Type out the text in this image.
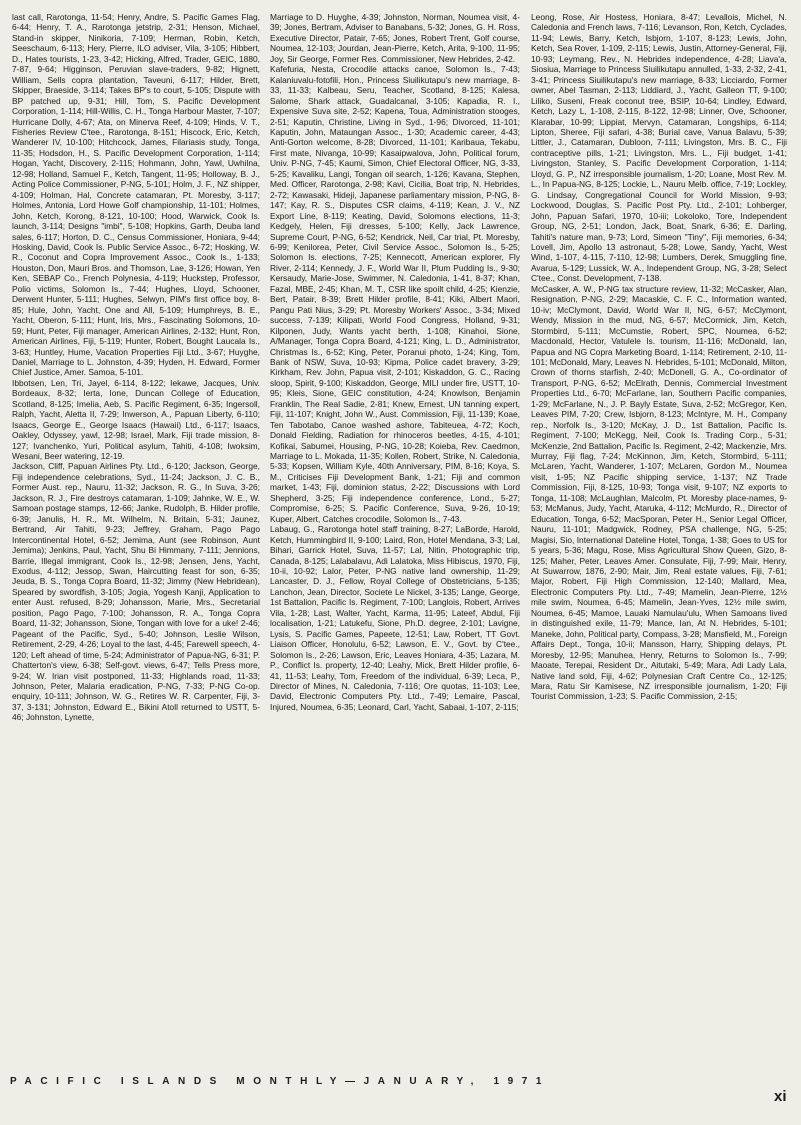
last call, Rarotonga, 11-54; Henry, Andre, S. Pacific Games Flag, 6-44; Henry, T. A., Rarotonga jetstrip, 2-31; Henson, Michael, Stand-in skipper, Ninikoria, 7-109; Herman, Robin, Ketch, Seeschaum, 6-113; Hery, Pierre, ILO adviser, Vila, 3-105; Hibbert, D., Hates tourists, 1-23, 3-42; Hicking, Alfred, Trader, GEIC, 1880, 7-87, 9-64; Higginson, Peruvian slave-traders, 9-82; Hignett, William, Sells copra plantation, Taveuni, 6-117; Hilder, Brett, Skipper, Braeside, 3-114; Takes BP's to court, 5-105; Dispute with BP patched up, 9-31; Hill, Tom, S. Pacific Development Corporation, 1-114; Hill-Willis, C. H., Tonga Harbour Master, 7-107; Hurricane Dolly, 4-67; Ata, on Minerva Reef, 4-109; Hinds, V. T., Fisheries Review C'tee., Rarotonga, 8-151; Hiscock, Eric, Ketch, Wanderer IV, 10-100; Hitchcock, James, Filariasis study, Tonga, 11-35; Hodsdon, H., S. Pacific Development Corporation, 1-114; Hogan, Yacht, Discovery, 2-115; Hohmann, John, Yawl, Uwhilna, 12-98; Holland, Samuel F., Ketch, Tangent, 11-95; Holloway, B. J., Acting Police Commissioner, P-NG, 5-101; Holm, J. F., NZ shipper, 4-109; Holman, Hal, Concrete catamaran, Pt. Moresby, 3-117; Holmes, Antonia, Lord Howe Golf championship, 11-101; Holmes, John, Ketch, Korong, 8-121, 10-100; Hood, Warwick, Cook Is. launch, 3-114; Designs "imbi", 5-108; Hopkins, Garth, Deuba land sales, 6-117; Horton, D. C., Census Commissioner, Honiara, 9-44; Hosking, David, Cook Is. Public Service Assoc., 6-72; Hosking, W. R., Coconut and Copra Improvement Assoc., Cook Is., 1-133; Houston, Don, Mauri Bros. and Thomson, Lae, 3-126; Howan, Yen Ken, SEBAP Co., French Polynesia, 4-119; Huckstep, Professor, Polio victims, Solomon Is., 7-44; Hughes, Lloyd, Schooner, Derwent Hunter, 5-111; Hughes, Selwyn, PIM's first office boy, 8-85; Hule, John, Yacht, One and All, 5-109; Humphreys, B. E., Yacht, Oberon, 5-111; Hunt, Iris, Mrs., Fascinating Solomons, 10-59; Hunt, Peter, Fiji manager, American Airlines, 2-132; Hunt, Ron, American Airlines, Fiji, 5-119; Hunter, Robert, Bought Laucala Is., 3-63; Huntley, Hume, Vacation Properties Fiji Ltd., 3-67; Huyghe, Daniel, Marriage to L. Johnston, 4-39; Hyden, H. Edward, Former Chief Justice, Amer. Samoa, 5-101.

Ibbotsen, Len, Tri, Jayel, 6-114, 8-122; Iekawe, Jacques, Univ. Bordeaux, 8-32; Ierta, Ione, Duncan College of Education, Scotland, 8-125; Imelia, Aeb, S. Pacific Regiment, 6-35; Ingersoll, Ralph, Yacht, Aletta II, 7-29; Inwerson, A., Papuan Liberty, 6-110; Isaacs, George E., George Isaacs (Hawaii) Ltd., 6-117; Isaacs, Oakley, Odyssey, yawl, 12-98; Israel, Mark, Fiji trade mission, 8-127; Ivanchenko, Yuri, Political asylum, Tahiti, 4-108; Iwoksim, Wesani, Beer watering, 12-19.

Jackson, Cliff, Papuan Airlines Pty. Ltd., 6-120; Jackson, George, Fiji independence celebrations, Syd., 11-24; Jackson, J. C. B., Former Aust. rep., Nauru, 11-32; Jackson, R. G., In Suva, 3-26; Jackson, R. J., Fire destroys catamaran, 1-109; Jahnke, W. E., W. Samoan postage stamps, 12-66; Janke, Rudolph, B. Hilder profile, 6-39; Janulis, H. R., Mt. Wilhelm, N. Britain, 5-31; Jaunez, Bertrand, Air Tahiti, 9-23; Jeffrey, Graham, Pago Pago Intercontinental Hotel, 6-52; Jemima, Aunt (see Robinson, Aunt Jemima); Jenkins, Paul, Yacht, Shu Bi Himmany, 7-111; Jennions, Barrie, Illegal immigrant, Cook Is., 12-98; Jensen, Jens, Yacht, Exodus, 4-112; Jessop, Swan, Haircutting feast for son, 6-35; Jeuda, B. S., Tonga Copra Board, 11-32; Jimmy (New Hebridean), Speared by swordfish, 3-105; Jogia, Yogesh Kanji, Application to enter Aust. refused, 8-29; Johansson, Marie, Mrs., Secretarial position, Pago Pago, 7-100; Johansson, R. A., Tonga Copra Board, 11-32; Johansson, Sione, Tongan with love for a uke! 2-46; Pageant of the Pacific, Syd., 5-40; Johnson, Leslie Wilson, Retirement, 2-29, 4-26; Loyal to the last, 4-45; Farewell speech, 4-120; Left ahead of time, 5-24; Administrator of Papua-NG, 6-31; P. Chatterton's view, 6-38; Self-govt. views, 6-47; Tells Press more, 9-24; W. Irian visit postponed, 11-33; Highlands road, 11-33; Johnson, Peter, Malaria eradication, P-NG, 7-33; P-NG Co-op. enquiry, 10-111; Johnson, W. G., Retires W. R. Carpenter, Fiji, 3-37, 3-131; Johnston, Edward E., Bikini Atoll returned to USTT, 5-46; Johnston, Lynette,

Marriage to D. Huyghe, 4-39; Johnston, Norman, Noumea visit, 4-39; Jones, Bertram, Adviser to Banabans, 5-32; Jones, G. H. Ross, Executive Director, Patair, 7-65; Jones, Robert Trent, Golf course, Noumea, 12-103; Jourdan, Jean-Pierre, Ketch, Arita, 9-100, 11-95; Joy, Sir George, Former Res. Commissioner, New Hebrides, 2-42.

Kafefuria, Nesta, Crocodile attacks canoe, Solomon Is., 7-43; Kalaniuvalu-fotofili, Hon., Princess Siuilikutapu's new marriage, 8-33, 11-33; Kalbeau, Seru, Teacher, Scotland, 8-125; Kalesa, Salome, Shark attack, Guadalcanal, 3-105; Kapadia, R. I., Expensive Suva site, 2-52; Kapena, Toua, Administration stooges, 2-51; Kaputin, Christine, Living in Syd., 1-96; Divorced, 11-101; Kaputin, John, Mataungan Assoc., 1-30; Academic career, 4-43; Anti-Gorton welcome, 8-28; Divorced, 11-101; Karibaua, Tekabu, First mate, Nivanga, 10-99; Kasaipwalova, John, Political forum, Univ. P-NG, 7-45; Kaumi, Simon, Chief Electoral Officer, NG, 3-33, 5-25; Kavaliku, Langi, Tongan oil search, 1-126; Kavana, Stephen, Med. Officer, Rarotonga, 2-98; Kavi, Cicilia, Boat trip, N. Hebrides, 2-72; Kawasaki, Hideji, Japanese parliamentary mission, P-NG, 8-147; Kay, R. S., Disputes CSR claims, 4-119; Kean, J. V., NZ Export Line, 8-119; Keating, David, Solomons elections, 11-3; Kedgely, Helen, Fiji dresses, 5-100; Kelly, Jack Lawrence, Supreme Court, P-NG, 6-52; Kendrick, Neil, Car trial, Pt. Moresby, 6-99; Kenilorea, Peter, Civil Service Assoc., Solomon Is., 5-25; Solomon Is. elections, 7-25; Kennecott, American explorer, Fly River, 2-114; Kennedy, J. F., World War II, Plum Pudding Is., 9-30; Kersaudy, Marie-Jose, Swimmer, N. Caledonia, 1-41, 8-37; Khan, Fazal, MBE, 2-45; Khan, M. T., CSR like spoilt child, 4-25; Kienzie, Bert, Patair, 8-39; Brett Hilder profile, 8-41; Kiki, Albert Maori, Pangu Pati Nius, 3-29; Pt. Moresby Workers' Assoc., 3-34; Mixed success, 7-139; Kilipati, World Food Congress, Holland, 9-31; Kilponen, Judy, Wants yacht berth, 1-108; Kinahoi, Sione, A/Manager, Tonga Copra Board, 4-121; King, L. D., Administrator, Christmas Is., 6-52; King, Peter, Poranui photo, 1-24; King, Tom, Bank of NSW, Suva, 10-93; Kipma, Police cadet bravery, 3-29; Kirkham, Rev. John, Papua visit, 2-101; Kiskaddon, G. C., Racing sloop, Spirit, 9-100; Kiskaddon, George, MILI under fire, USTT, 10-95; Kleis, Sione, GEIC constitution, 4-24; Knowlson, Benjamin Franklin, The Real Sadie, 2-81; Knew, Ernest, UN tanning expert, Fiji, 11-107; Knight, John W., Aust. Commission, Fiji, 11-139; Koae, Ten Tabotabo, Canoe washed ashore, Tabiteuea, 4-72; Koch, Donald Fielding, Radiation for rhinoceros beetles, 4-15, 4-101; Kofikai, Sabumei, Housing, P-NG, 10-28; Koieba, Rev. Caedmon, Marriage to L. Mokada, 11-35; Kollen, Robert, Strike, N. Caledonia, 5-33; Kopsen, William Kyle, 40th Anniversary, PIM, 8-16; Koya, S. M., Criticises Fiji Development Bank, 1-21; Fiji and common market, 1-43; Fiji, dominion status, 2-22; Discussions with Lord Shepherd, 3-25; Fiji independence conference, Lond., 5-27; Compromise, 6-25; S. Pacific Conference, Suva, 9-26, 10-19; Kuper, Albert, Catches crocodile, Solomon Is., 7-43.

Labaug, G., Rarotonga hotel staff training, 8-27; LaBorde, Harold, Ketch, Hummingbird II, 9-100; Laird, Ron, Hotel Mendana, 3-3; Lal, Bihari, Garrick Hotel, Suva, 11-57; Lal, Nitin, Photographic trip, Canada, 8-125; Lalabalavu, Adi Lalatoka, Miss Hibiscus, 1970, Fiji, 10-ii, 10-92; Lalor, Peter, P-NG native land ownership, 11-29; Lancaster, D. J., Fellow, Royal College of Obstetricians, 5-135; Lanchon, Jean, Director, Societe Le Nickel, 3-135; Lange, George, 1st Battalion, Pacific Is. Regiment, 7-100; Langlois, Robert, Arrives Vila, 1-28; Last, Walter, Yacht, Karma, 11-95; Lateef, Abdul, Fiji localisation, 1-21; Latukefu, Sione, Ph.D. degree, 2-101; Lavigne, Lysis, S. Pacific Games, Papeete, 12-51; Law, Robert, TT Govt. Liaison Officer, Honolulu, 6-52; Lawson, E. V., Govt. by C'tee., Solomon Is., 2-26; Lawson, Eric, Leaves Honiara, 4-35; Lazara, M. P., Conflict Is. property, 12-40; Leahy, Mick, Brett Hilder profile, 6-41, 11-53; Leahy, Tom, Freedom of the individual, 6-39; Leca, P., Director of Mines, N. Caledonia, 7-116; Ore quotas, 11-103; Lee, David, Electronic Computers Pty. Ltd., 7-49; Lemaire, Pascal, Injured, Noumea, 6-35; Leonard, Carl, Yacht, Sabaai, 1-107, 2-115;

Leong, Rose, Air Hostess, Honiara, 8-47; Levallois, Michel, N. Caledonia and French laws, 7-116; Levanson, Ron, Ketch, Cyclades, 11-94; Lewis, Barry, Ketch, Isbjorn, 1-107, 8-123; Lewis, John, Ketch, Sea Rover, 1-109, 2-115; Lewis, Justin, Attorney-General, Fiji, 10-93; Leymang, Rev., N. Hebrides independence, 4-28; Liava'a, Siosiua, Marriage to Princess Siuilikutapu annulled, 1-33, 2-32, 2-41, 3-41; Princess Siuilikutapu's new marriage, 8-33; Licciardo, Former owner, Abel Tasman, 2-113; Liddiard, J., Yacht, Galleon TT, 9-100; Liliko, Suseni, Freak coconut tree, BSIP, 10-64; Lindley, Edward, Ketch, Lazy L, 1-108, 2-115, 8-122, 12-98; Linner, Ove, Schooner, Klarabar, 10-99; Lippiat, Mervyn, Catamaran, Longships, 6-114; Lipton, Sheree, Fiji safari, 4-38; Burial cave, Vanua Balavu, 5-39; Littler, J., Catamaran, Dubloon, 7-111; Livingston, Mrs. B. C., Fiji contraceptive pills, 1-21; Livingston, Mrs. L., Fiji budget, 1-41; Livingston, Stanley, S. Pacific Development Corporation, 1-114; Lloyd, G. P., NZ irresponsible journalism, 1-20; Loane, Most Rev. M. L., In Papua-NG, 8-125; Lockie, L., Nauru Melb. office, 7-19; Lockley, G. Lindsay, Congregational Council for World Mission, 9-93; Lockwood, Douglas, S. Pacific Post Pty. Ltd., 2-101; Lohberger, John, Papuan Safari, 1970, 10-iii; Lokoloko, Tore, Independent Group, NG, 2-51; London, Jack, Boat, Snark, 6-36; E. Darling, Tahiti's nature man, 9-73; Lord, Simeon "Tiny", Fiji memories, 6-34; Lovell, Jim, Apollo 13 astronaut, 5-28; Lowe, Sandy, Yacht, West Wind, 1-107, 4-115, 7-110, 12-98; Lumbers, Derek, Smuggling fine, Avarua, 5-129; Lussick, W. A., Independent Group, NG, 3-28; Select C'tee., Const. Development, 7-138.

McCasker, A. W., P-NG tax structure review, 11-32; McCasker, Alan, Resignation, P-NG, 2-29; Macaskie, C. F. C., Information wanted, 10-iv; McClymont, David, World War II, NG, 6-57; McClymont, Wendy, Mission in the mud, NG, 6-57; McCormick, Jim, Ketch, Stormbird, 5-111; McCumstie, Robert, SPC, Noumea, 6-52; Macdonald, Hector, Vatulele Is. tourism, 11-116; McDonald, Ian, Papua and NG Copra Marketing Board, 1-114; Retirement, 2-10, 11-101; McDonald, Mary, Leaves N. Hebrides, 5-101; McDonald, Milton, Crown of thorns starfish, 2-40; McDonell, G. A., Co-ordinator of Transport, P-NG, 6-52; McElrath, Dennis, Commercial Investment Properties Ltd., 6-70; McFarlane, Ian, Southern Pacific companies, 1-29; McFarlane, N., J. P. Bayly Estate, Suva, 2-52; McGregor, Ken, Leaves PIM, 7-20; Crew, Isbjorn, 8-123; McIntyre, M. H., Company rep., Norfolk Is., 3-120; McKay, J. D., 1st Battalion, Pacific Is. Regiment, 7-100; McKegg, Neil, Cook Is. Trading Corp., 5-31; McKenzie, 2nd Battalion, Pacific Is. Regiment, 2-42; Mackenzie, Mrs. Murray, Fiji flag, 7-24; McKinnon, Jim, Ketch, Stormbird, 5-111; McLaren, Yacht, Wanderer, 1-107; McLaren, Gordon M., Noumea visit, 1-95; NZ Pacific shipping service, 1-137; NZ Trade Commission, Fiji, 8-125, 10-93; Tonga visit, 9-107; NZ exports to Tonga, 11-108; McLaughlan, Malcolm, Pt. Moresby place-names, 9-53; McManus, Judy, Yacht, Ataruka, 4-112; McMurdo, R., Director of Education, Tonga, 6-52; MacSporan, Peter H., Senior Legal Officer, Nauru, 11-101; Madgwick, Rodney, PSA challenge, NG, 5-25; Magisi, Sio, International Dateline Hotel, Tonga, 1-38; Goes to US for 5 years, 5-36; Magu, Rose, Miss Agricultural Show Queen, Gizo, 8-125; Maher, Peter, Leaves Amer. Consulate, Fiji, 7-99; Mair, Henry, At Suwarrow, 1876, 2-90; Mair, Jim, Real estate values, Fiji, 7-61; Major, Robert, Fiji High Commission, 12-140; Mallard, Mea, Electronic Computers Pty. Ltd., 7-49; Mamelin, Jean-Pierre, 12½ mile swim, Noumea, 6-45; Mamelin, Jean-Yves, 12½ mile swim, Noumea, 6-45; Mamoe, Lauaki Namulau'ulu, When Samoans lived in distinguished exile, 11-79; Mance, Ian, At N. Hebrides, 5-101; Maneke, John, Political party, Compass, 3-28; Mansfield, M., Foreign Affairs Dept., Tonga, 10-ii; Mansson, Harry, Shipping delays, Pt. Moresby, 12-95; Manuhea, Henry, Returns to Solomon Is., 7-99; Maoate, Terepai, Resident Dr., Aitutaki, 5-49; Mara, Adi Lady Lala, Native land sold, Fiji, 4-62; Polynesian Craft Centre Co., 12-125; Mara, Ratu Sir Kamisese, NZ irresponsible journalism, 1-20; Fiji Tourist Commission, 1-23; S. Pacific Commission, 2-15;

PACIFIC ISLANDS MONTHLY—JANUARY, 1971
xi
